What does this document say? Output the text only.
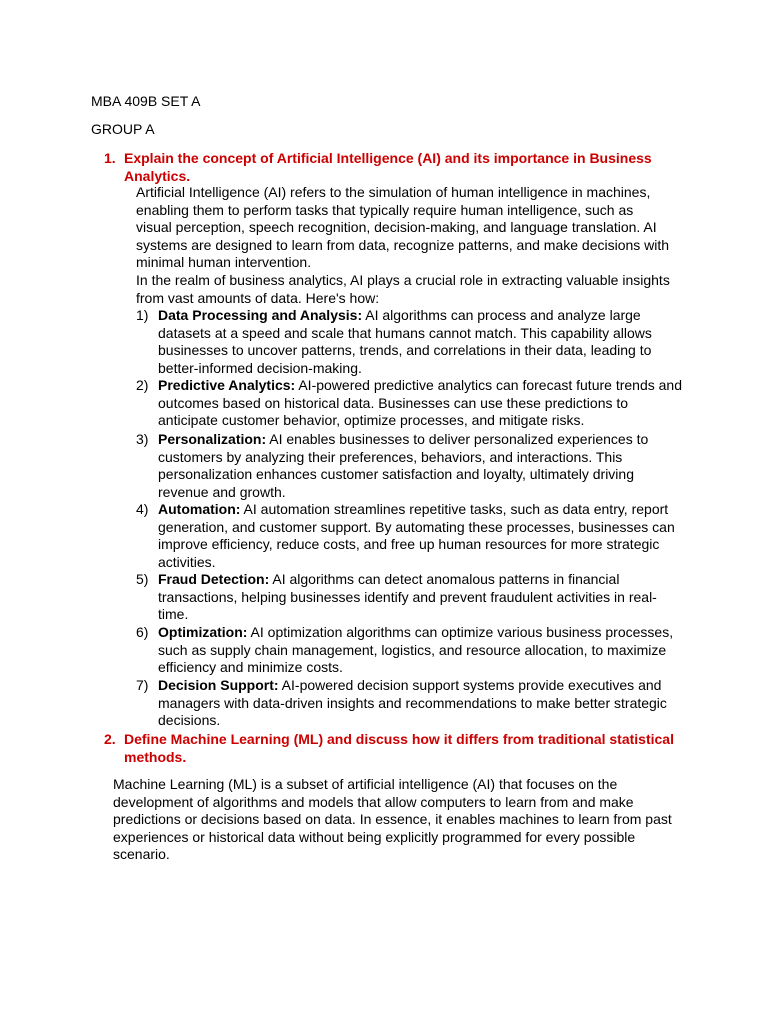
MBA 409B SET A
GROUP A
1. Explain the concept of Artificial Intelligence (AI) and its importance in Business Analytics.
Artificial Intelligence (AI) refers to the simulation of human intelligence in machines, enabling them to perform tasks that typically require human intelligence, such as visual perception, speech recognition, decision-making, and language translation. AI systems are designed to learn from data, recognize patterns, and make decisions with minimal human intervention.
In the realm of business analytics, AI plays a crucial role in extracting valuable insights from vast amounts of data. Here's how:
1) Data Processing and Analysis: AI algorithms can process and analyze large datasets at a speed and scale that humans cannot match. This capability allows businesses to uncover patterns, trends, and correlations in their data, leading to better-informed decision-making.
2) Predictive Analytics: AI-powered predictive analytics can forecast future trends and outcomes based on historical data. Businesses can use these predictions to anticipate customer behavior, optimize processes, and mitigate risks.
3) Personalization: AI enables businesses to deliver personalized experiences to customers by analyzing their preferences, behaviors, and interactions. This personalization enhances customer satisfaction and loyalty, ultimately driving revenue and growth.
4) Automation: AI automation streamlines repetitive tasks, such as data entry, report generation, and customer support. By automating these processes, businesses can improve efficiency, reduce costs, and free up human resources for more strategic activities.
5) Fraud Detection: AI algorithms can detect anomalous patterns in financial transactions, helping businesses identify and prevent fraudulent activities in real-time.
6) Optimization: AI optimization algorithms can optimize various business processes, such as supply chain management, logistics, and resource allocation, to maximize efficiency and minimize costs.
7) Decision Support: AI-powered decision support systems provide executives and managers with data-driven insights and recommendations to make better strategic decisions.
2. Define Machine Learning (ML) and discuss how it differs from traditional statistical methods.
Machine Learning (ML) is a subset of artificial intelligence (AI) that focuses on the development of algorithms and models that allow computers to learn from and make predictions or decisions based on data. In essence, it enables machines to learn from past experiences or historical data without being explicitly programmed for every possible scenario.
